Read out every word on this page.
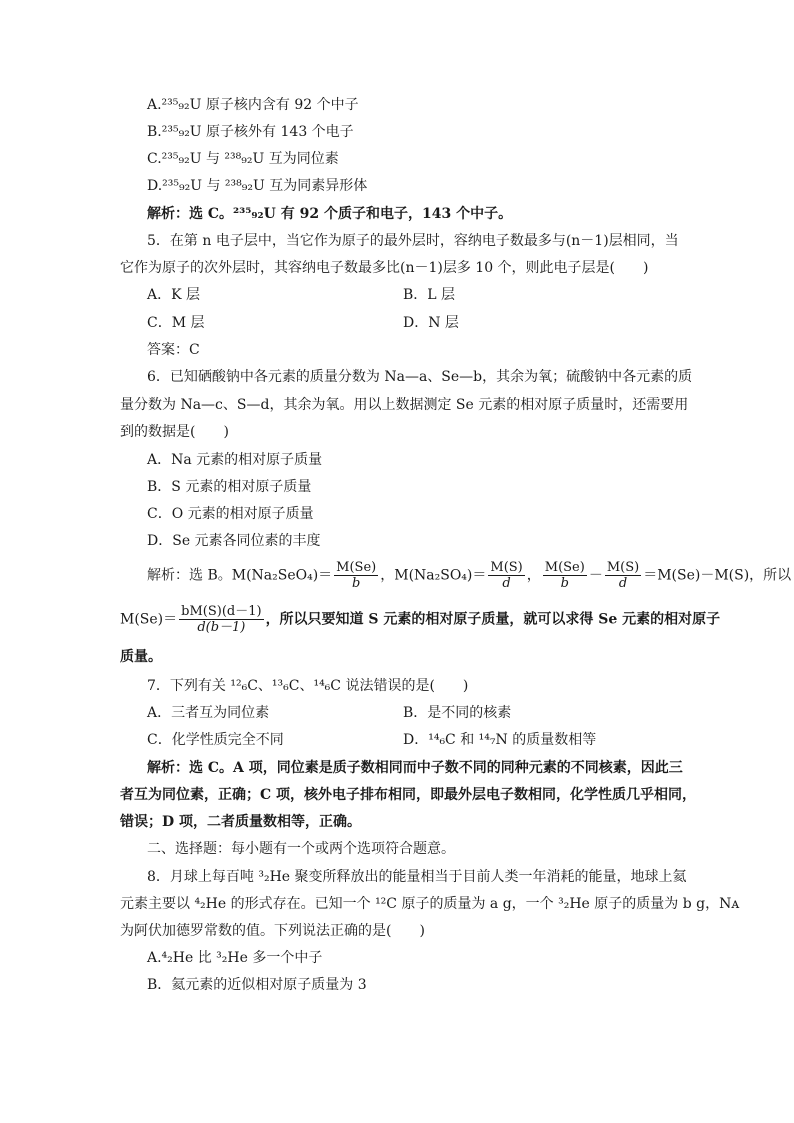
A.²³⁵₉₂U 原子核内含有 92 个中子
B.²³⁵₉₂U 原子核外有 143 个电子
C.²³⁵₉₂U 与 ²³⁸₉₂U 互为同位素
D.²³⁵₉₂U 与 ²³⁸₉₂U 互为同素异形体
解析：选 C。²³⁵₉₂U 有 92 个质子和电子，143 个中子。
5．在第 n 电子层中，当它作为原子的最外层时，容纳电子数最多与(n－1)层相同，当
它作为原子的次外层时，其容纳电子数最多比(n－1)层多 10 个，则此电子层是(　　)
A．K 层	B．L 层
C．M 层	D．N 层
答案：C
6．已知硒酸钠中各元素的质量分数为 Na—a、Se—b，其余为氧；硫酸钠中各元素的质
量分数为 Na—c、S—d，其余为氧。用以上数据测定 Se 元素的相对原子质量时，还需要用
到的数据是(　　)
A．Na 元素的相对原子质量
B．S 元素的相对原子质量
C．O 元素的相对原子质量
D．Se 元素各同位素的丰度
解析：选 B。$M(Na_2SeO_4)= \frac{M(Se)}{b}$ ，$M(Na_2SO_4)= \frac{M(S)}{d}$ ， $\frac{M(Se)}{b} - \frac{M(S)}{d} =M(Se)-M(S)$，所以
$M(Se)= \frac{bM(S)(d-1)}{d(b-1)}$ ，所以只要知道 S 元素的相对原子质量，就可以求得 Se 元素的相对原子
质量。
7．下列有关 ¹²₆C、¹³₆C、¹⁴₆C 说法错误的是(　　)
A．三者互为同位素	B．是不同的核素
C．化学性质完全不同	D．¹⁴₆C 和 ¹⁴₇N 的质量数相等
解析：选 C。A 项，同位素是质子数相同而中子数不同的同种元素的不同核素，因此三
者互为同位素，正确；C 项，核外电子排布相同，即最外层电子数相同，化学性质几乎相同，
错误；D 项，二者质量数相等，正确。
二、选择题：每小题有一个或两个选项符合题意。
8．月球上每百吨 ³₂He 聚变所释放出的能量相当于目前人类一年消耗的能量，地球上氦
元素主要以 ⁴₂He 的形式存在。已知一个 ¹²C 原子的质量为 a g，一个 ³₂He 原子的质量为 b g，Nᴀ
为阿伏加德罗常数的值。下列说法正确的是(　　)
A.⁴₂He 比 ³₂He 多一个中子
B．氦元素的近似相对原子质量为 3
